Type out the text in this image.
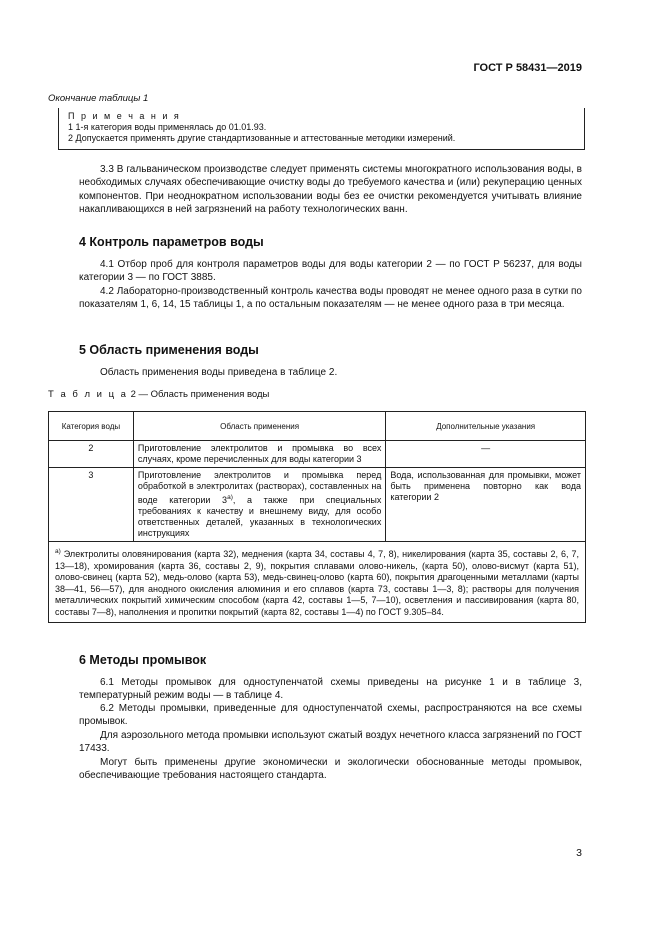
ГОСТ Р 58431—2019
Окончание таблицы 1
П р и м е ч а н и я
1 1-я категория воды применялась до 01.01.93.
2 Допускается применять другие стандартизованные и аттестованные методики измерений.
3.3 В гальваническом производстве следует применять системы многократного использования воды, в необходимых случаях обеспечивающие очистку воды до требуемого качества и (или) рекуперацию ценных компонентов. При неоднократном использовании воды без ее очистки рекомендуется учитывать влияние накапливающихся в ней загрязнений на работу технологических ванн.
4 Контроль параметров воды
4.1 Отбор проб для контроля параметров воды для воды категории 2 — по ГОСТ Р 56237, для воды категории 3 — по ГОСТ 3885.
4.2 Лабораторно-производственный контроль качества воды проводят не менее одного раза в сутки по показателям 1, 6, 14, 15 таблицы 1, а по остальным показателям — не менее одного раза в три месяца.
5 Область применения воды
Область применения воды приведена в таблице 2.
Т а б л и ц а 2 — Область применения воды
Категория воды	Область применения	Дополнительные указания
2	Приготовление электролитов и промывка во всех случаях, кроме перечисленных для воды категории 3	—
3	Приготовление электролитов и промывка перед обработкой в электролитах (растворах), составленных на воде категории $3^{а)}$, а также при специальных требованиях к качеству и внешнему виду, для особо ответственных деталей, указанных в технологических инструкциях	Вода, использованная для промывки, может быть применена повторно как вода категории 2
$^{а)}$ Электролиты оловянирования (карта 32), меднения (карта 34, составы 4, 7, 8), никелирования (карта 35, составы 2, 6, 7, 13—18), хромирования (карта 36, составы 2, 9), покрытия сплавами олово-никель, (карта 50), олово-висмут (карта 51), олово-свинец (карта 52), медь-олово (карта 53), медь-свинец-олово (карта 60), покрытия драгоценными металлами (карты 38—41, 56—57), для анодного окисления алюминия и его сплавов (карта 73, составы 1—3, 8); растворы для получения металлических покрытий химическим способом (карта 42, составы 1—5, 7—10), осветления и пассивирования (карта 80, составы 7—8), наполнения и пропитки покрытий (карта 82, составы 1—4) по ГОСТ 9.305–84.		
6 Методы промывок
6.1 Методы промывок для одноступенчатой схемы приведены на рисунке 1 и в таблице 3, температурный режим воды — в таблице 4.
6.2 Методы промывки, приведенные для одноступенчатой схемы, распространяются на все схемы промывок.
Для аэрозольного метода промывки используют сжатый воздух нечетного класса загрязнений по ГОСТ 17433.
Могут быть применены другие экономически и экологически обоснованные методы промывок, обеспечивающие требования настоящего стандарта.
3
